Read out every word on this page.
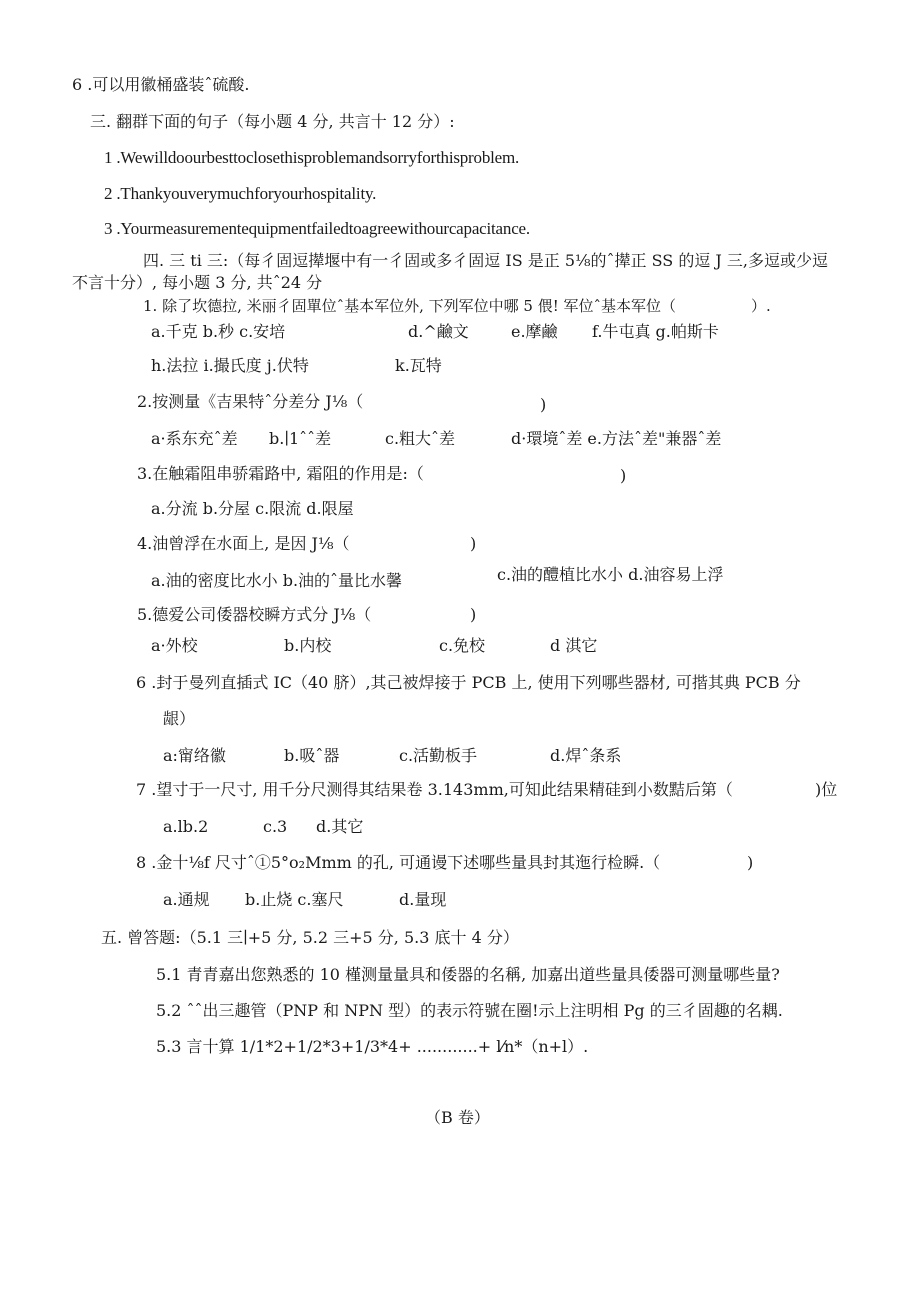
6 .可以用徽桶盛装ˆ硫酸.
三. 翻群下面的句子（每小题 4 分, 共言十 12 分）:
1 .Wewilldoourbesttoclosethisproblemandsorryforthisproblem.
2 .Thankyouverymuchforyourhospitality.
3 .Yourmeasurementequipmentfailedtoagreewithourcapacitance.
四. 三 ti 三:（每彳固逗撵堰中有一彳固或多彳固逗 IS 是正 5⅛的ˆ撵正 SS 的逗 J 三,多逗或少逗
不言十分）, 每小题 3 分, 共ˆ24 分
1. 除了坎德拉, 米丽彳固單位ˆ基本军位外, 下列军位中哪 5 偎! 军位ˆ基本军位（　　　　　）.
a.千克 b.秒 c.安培	d.^鹼文	e.摩鹼 f.牛屯真 g.帕斯卡
h.法拉 i.撮氏度 j.伏特	k.瓦特
2.按测量《吉果特ˆ分差分 J⅛（	)
a·系东充ˆ差 b.∣1ˆˆ差	c.粗大ˆ差	d·環境ˆ差 e.方法ˆ差"兼器ˆ差
3.在触霜阻串骄霜路中, 霜阻的作用是:（	)
a.分流 b.分屋 c.限流 d.限屋
4.油曾浮在水面上, 是因 J⅛（	)
a.油的密度比水小 b.油的ˆ量比水馨	c.油的醴植比水小 d.油容易上浮
5.德爱公司倭器校瞬方式分 J⅛（	)
a·外校	b.内校	c.免校	d 淇它
6 .封于曼列直插式 IC（40 脐）,其己被焊接于 PCB 上, 使用下列哪些器材, 可揩其典 PCB 分
龈）
a:甯络徽	b.吸ˆ器	c.活勤板手	d.焊ˆ条系
7 .望寸于一尺寸, 用千分尺测得其结果卷 3.143mm,可知此结果精硅到小数黠后第（	)位
a.lb.2	c.3 d.其它
8 .金十⅛f 尺寸ˆ①5°o₂Mmm 的孔, 可通谩下述哪些量具封其迤行检瞬.（	)
a.通规 b.止烧 c.塞尺	d.量现
五. 曾答题:（5.1 三∣+5 分, 5.2 三+5 分, 5.3 底十 4 分）
5.1 青青嘉出您熟悉的 10 槿测量量具和倭器的名稱, 加嘉出道些量具倭器可测量哪些量?
5.2 ˆˆ出三趣管（PNP 和 NPN 型）的表示符號在圈!示上注明相 Pg 的三彳固趣的名耦.
5.3 言十算 1/1*2+1/2*3+1/3*4+ ............+ l⁄n*（n+l）.
（B 卷）
